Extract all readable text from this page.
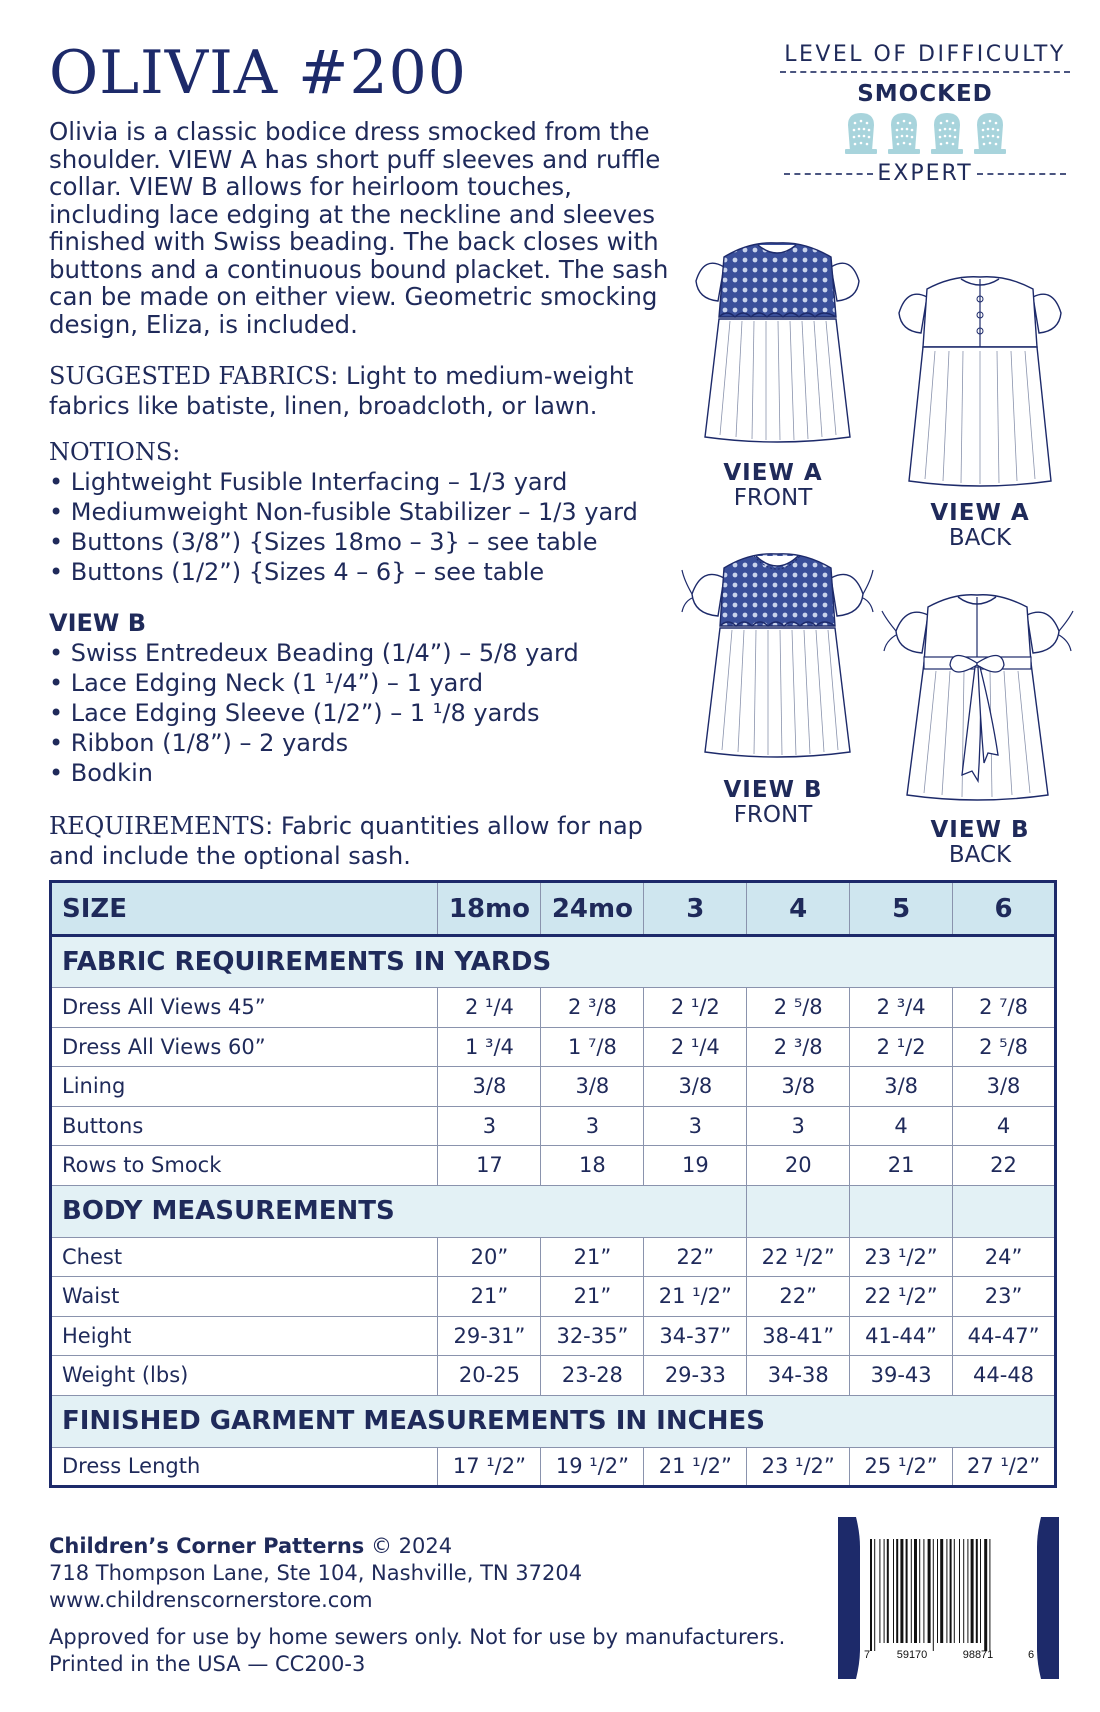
OLIVIA #200
Olivia is a classic bodice dress smocked from the shoulder. VIEW A has short puff sleeves and ruffle collar. VIEW B allows for heirloom touches, including lace edging at the neckline and sleeves finished with Swiss beading. The back closes with buttons and a continuous bound placket. The sash can be made on either view. Geometric smocking design, Eliza, is included.
SUGGESTED FABRICS: Light to medium-weight fabrics like batiste, linen, broadcloth, or lawn.
NOTIONS:
• Lightweight Fusible Interfacing – 1/3 yard
• Mediumweight Non-fusible Stabilizer – 1/3 yard
• Buttons (3/8”) {Sizes 18mo – 3} – see table
• Buttons (1/2”) {Sizes 4 – 6} – see table
VIEW B
• Swiss Entredeux Beading (1/4”) – 5/8 yard
• Lace Edging Neck (1 ¹/4”) – 1 yard
• Lace Edging Sleeve (1/2”) – 1 ¹/8 yards
• Ribbon (1/8”) – 2 yards
• Bodkin
REQUIREMENTS: Fabric quantities allow for nap and include the optional sash.
LEVEL OF DIFFICULTY
SMOCKED
EXPERT
VIEW A
FRONT
VIEW A
BACK
VIEW B
FRONT
VIEW B
BACK
SIZE	18mo	24mo	3	4	5	6
FABRIC REQUIREMENTS IN YARDS						
Dress All Views 45”	2 ¹/4	2 ³/8	2 ¹/2	2 ⁵/8	2 ³/4	2 ⁷/8
Dress All Views 60”	1 ³/4	1 ⁷/8	2 ¹/4	2 ³/8	2 ¹/2	2 ⁵/8
Lining	3/8	3/8	3/8	3/8	3/8	3/8
Buttons	3	3	3	3	4	4
Rows to Smock	17	18	19	20	21	22
BODY MEASUREMENTS						
Chest	20”	21”	22”	22 ¹/2”	23 ¹/2”	24”
Waist	21”	21”	21 ¹/2”	22”	22 ¹/2”	23”
Height	29-31”	32-35”	34-37”	38-41”	41-44”	44-47”
Weight (lbs)	20-25	23-28	29-33	34-38	39-43	44-48
FINISHED GARMENT MEASUREMENTS IN INCHES						
Dress Length	17 ¹/2”	19 ¹/2”	21 ¹/2”	23 ¹/2”	25 ¹/2”	27 ¹/2”
Children’s Corner Patterns © 2024
718 Thompson Lane, Ste 104, Nashville, TN 37204
www.childrenscornerstore.com
Approved for use by home sewers only. Not for use by manufacturers.
Printed in the USA — CC200-3	7 59170	98871	6
